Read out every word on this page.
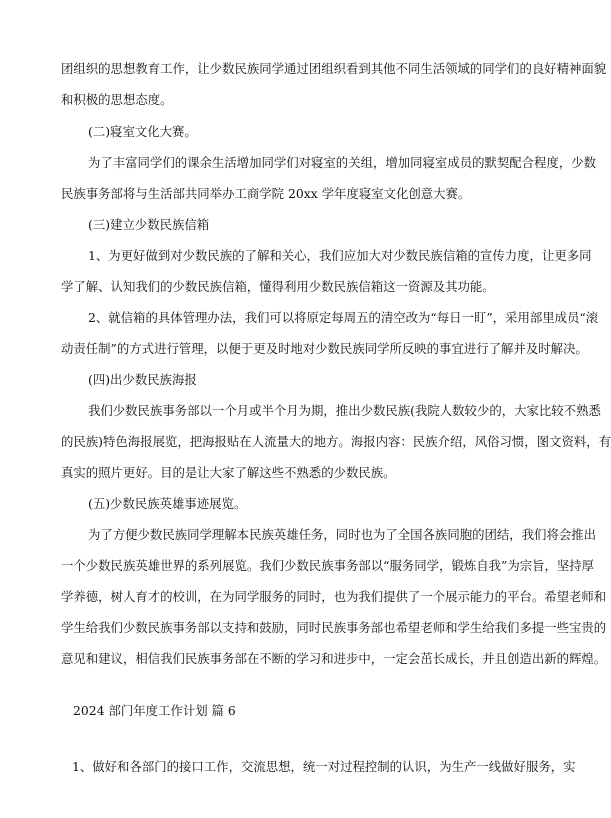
团组织的思想教育工作，让少数民族同学通过团组织看到其他不同生活领域的同学们的良好精神面貌
和积极的思想态度。
(二)寝室文化大赛。
为了丰富同学们的课余生活增加同学们对寝室的关组，增加同寝室成员的默契配合程度，少数
民族事务部将与生活部共同举办工商学院 20xx 学年度寝室文化创意大赛。
(三)建立少数民族信箱
1、为更好做到对少数民族的了解和关心，我们应加大对少数民族信箱的宣传力度，让更多同
学了解、认知我们的少数民族信箱，懂得利用少数民族信箱这一资源及其功能。
2、就信箱的具体管理办法，我们可以将原定每周五的清空改为“每日一盯”，采用部里成员“滚
动责任制”的方式进行管理，以便于更及时地对少数民族同学所反映的事宜进行了解并及时解决。
(四)出少数民族海报
我们少数民族事务部以一个月或半个月为期，推出少数民族(我院人数较少的，大家比较不熟悉
的民族)特色海报展览，把海报贴在人流量大的地方。海报内容：民族介绍，风俗习惯，图文资料，有
真实的照片更好。目的是让大家了解这些不熟悉的少数民族。
(五)少数民族英雄事迹展览。
为了方便少数民族同学理解本民族英雄任务，同时也为了全国各族同胞的团结，我们将会推出
一个少数民族英雄世界的系列展览。我们少数民族事务部以“服务同学，锻炼自我”为宗旨，坚持厚
学养德，树人育才的校训，在为同学服务的同时，也为我们提供了一个展示能力的平台。希望老师和
学生给我们少数民族事务部以支持和鼓励，同时民族事务部也希望老师和学生给我们多提一些宝贵的
意见和建议，相信我们民族事务部在不断的学习和进步中，一定会茁长成长，并且创造出新的辉煌。
2024 部门年度工作计划 篇 6
1、做好和各部门的接口工作，交流思想，统一对过程控制的认识，为生产一线做好服务，实
